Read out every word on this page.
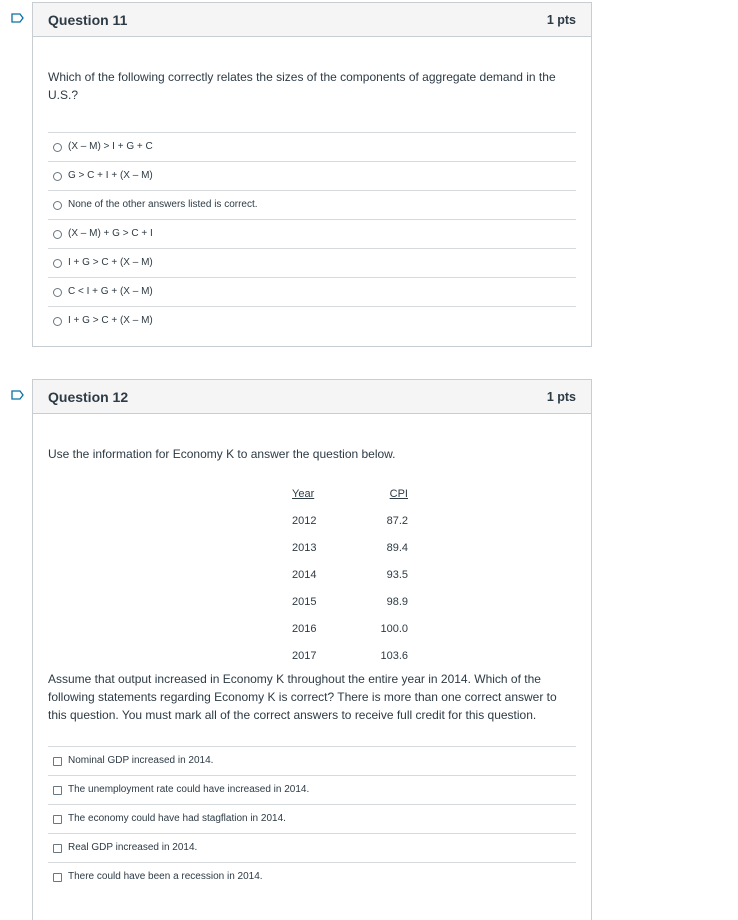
Question 11	1 pts
Which of the following correctly relates the sizes of the components of aggregate demand in the U.S.?
(X – M) > I + G + C
G > C + I + (X – M)
None of the other answers listed is correct.
(X – M) + G > C + I
I + G > C + (X – M)
C < I + G + (X – M)
I + G > C + (X – M)
Question 12	1 pts
Use the information for Economy K to answer the question below.
Year	CPI
2012	87.2
2013	89.4
2014	93.5
2015	98.9
2016	100.0
2017	103.6
Assume that output increased in Economy K throughout the entire year in 2014. Which of the following statements regarding Economy K is correct? There is more than one correct answer to this question. You must mark all of the correct answers to receive full credit for this question.
Nominal GDP increased in 2014.
The unemployment rate could have increased in 2014.
The economy could have had stagflation in 2014.
Real GDP increased in 2014.
There could have been a recession in 2014.
